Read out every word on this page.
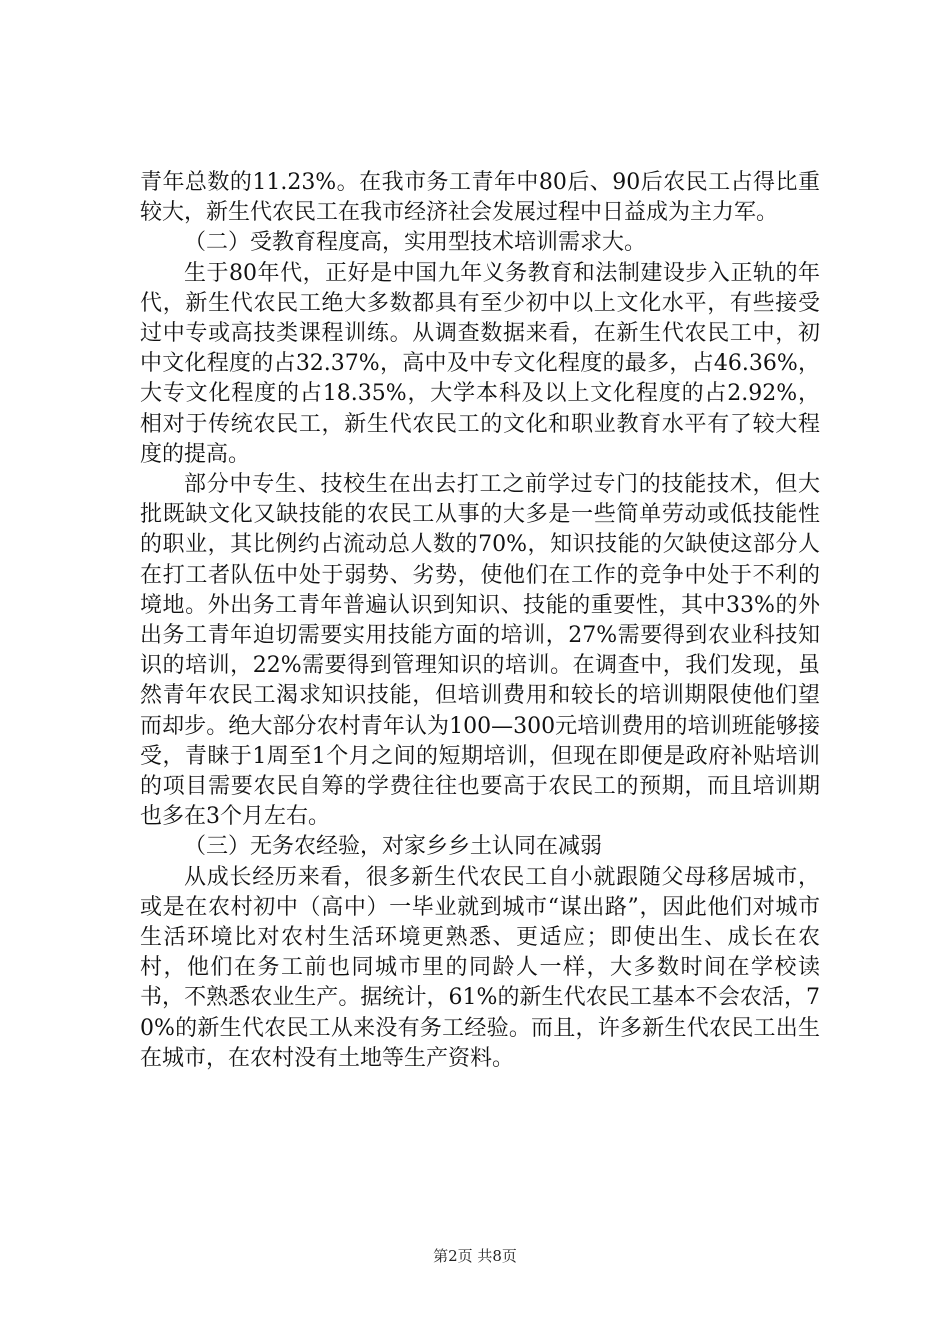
青年总数的11.23%。在我市务工青年中80后、90后农民工占得比重较大，新生代农民工在我市经济社会发展过程中日益成为主力军。

（二）受教育程度高，实用型技术培训需求大。

生于80年代，正好是中国九年义务教育和法制建设步入正轨的年代，新生代农民工绝大多数都具有至少初中以上文化水平，有些接受过中专或高技类课程训练。从调查数据来看，在新生代农民工中，初中文化程度的占32.37%，高中及中专文化程度的最多，占46.36%，大专文化程度的占18.35%，大学本科及以上文化程度的占2.92%，相对于传统农民工，新生代农民工的文化和职业教育水平有了较大程度的提高。

部分中专生、技校生在出去打工之前学过专门的技能技术，但大批既缺文化又缺技能的农民工从事的大多是一些简单劳动或低技能性的职业，其比例约占流动总人数的70%，知识技能的欠缺使这部分人在打工者队伍中处于弱势、劣势，使他们在工作的竞争中处于不利的境地。外出务工青年普遍认识到知识、技能的重要性，其中33%的外出务工青年迫切需要实用技能方面的培训，27%需要得到农业科技知识的培训，22%需要得到管理知识的培训。在调查中，我们发现，虽然青年农民工渴求知识技能，但培训费用和较长的培训期限使他们望而却步。绝大部分农村青年认为100—300元培训费用的培训班能够接受，青睐于1周至1个月之间的短期培训，但现在即便是政府补贴培训的项目需要农民自筹的学费往往也要高于农民工的预期，而且培训期也多在3个月左右。

（三）无务农经验，对家乡乡土认同在减弱

从成长经历来看，很多新生代农民工自小就跟随父母移居城市，或是在农村初中（高中）一毕业就到城市“谋出路”，因此他们对城市生活环境比对农村生活环境更熟悉、更适应；即使出生、成长在农村，他们在务工前也同城市里的同龄人一样，大多数时间在学校读书，不熟悉农业生产。据统计，61%的新生代农民工基本不会农活，70%的新生代农民工从来没有务工经验。而且，许多新生代农民工出生在城市，在农村没有土地等生产资料。

第2页 共8页
